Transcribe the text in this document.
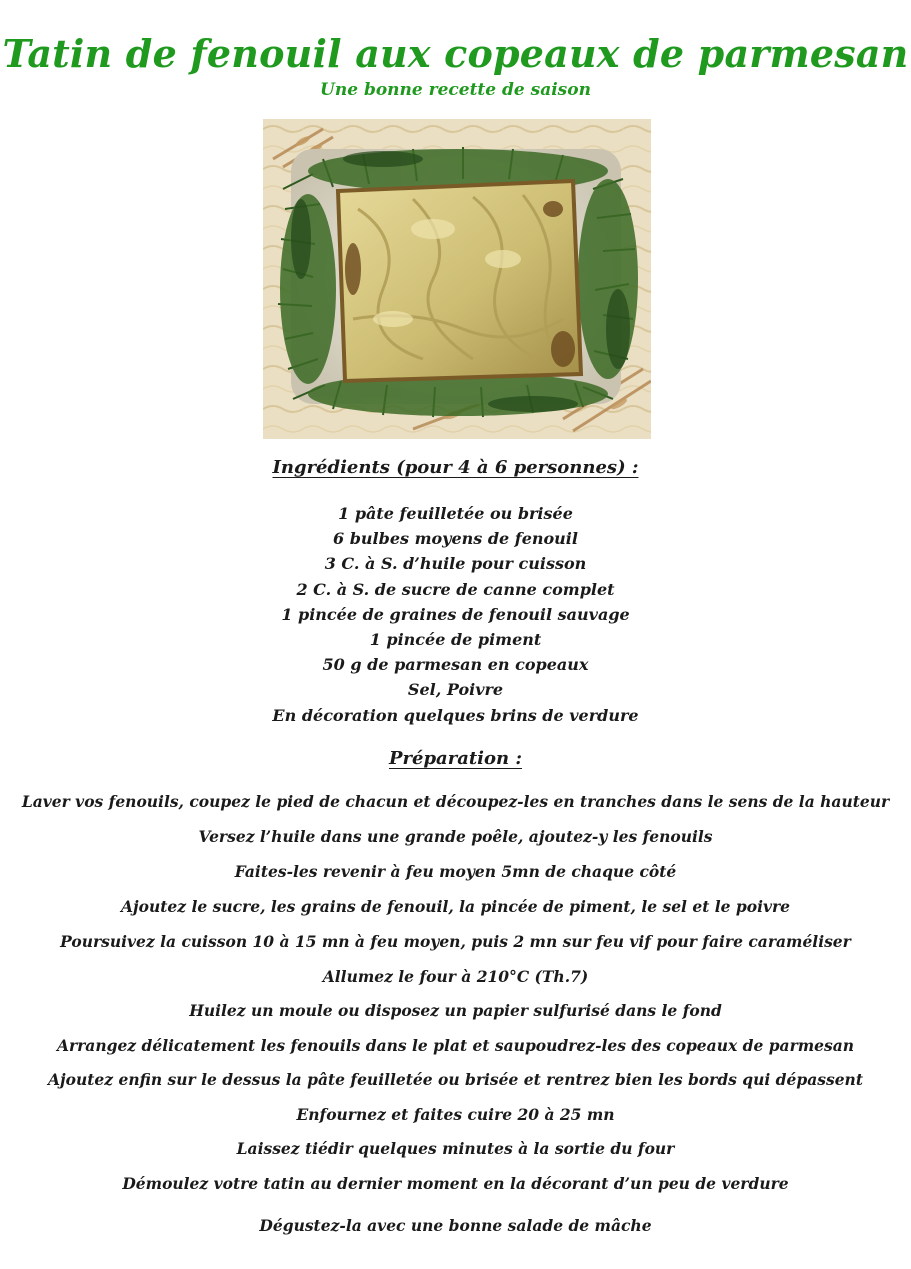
Tatin de fenouil aux copeaux de parmesan
Une bonne recette de saison
Ingrédients (pour 4 à 6 personnes) :
1 pâte feuilletée ou brisée
6 bulbes moyens de fenouil
3 C. à S. d’huile pour cuisson
2 C. à S. de sucre de canne complet
1 pincée de graines de fenouil sauvage
1 pincée de piment
50 g de parmesan en copeaux
Sel, Poivre
En décoration quelques brins de verdure
Préparation :
Laver vos fenouils, coupez le pied de chacun et découpez-les en tranches dans le sens de la hauteur
Versez l’huile dans une grande poêle, ajoutez-y les fenouils
Faites-les revenir à feu moyen 5mn de chaque côté
Ajoutez le sucre, les grains de fenouil, la pincée de piment, le sel et le poivre
Poursuivez la cuisson 10 à 15 mn à feu moyen, puis 2 mn sur feu vif pour faire caraméliser
Allumez le four à 210°C (Th.7)
Huilez un moule ou disposez un papier sulfurisé dans le fond
Arrangez délicatement les fenouils dans le plat et saupoudrez-les des copeaux de parmesan
Ajoutez enfin sur le dessus la pâte feuilletée ou brisée et rentrez bien les bords qui dépassent
Enfournez et faites cuire 20 à 25 mn
Laissez tiédir quelques minutes à la sortie du four
Démoulez votre tatin au dernier moment en la décorant d’un peu de verdure
Dégustez-la avec une bonne salade de mâche
